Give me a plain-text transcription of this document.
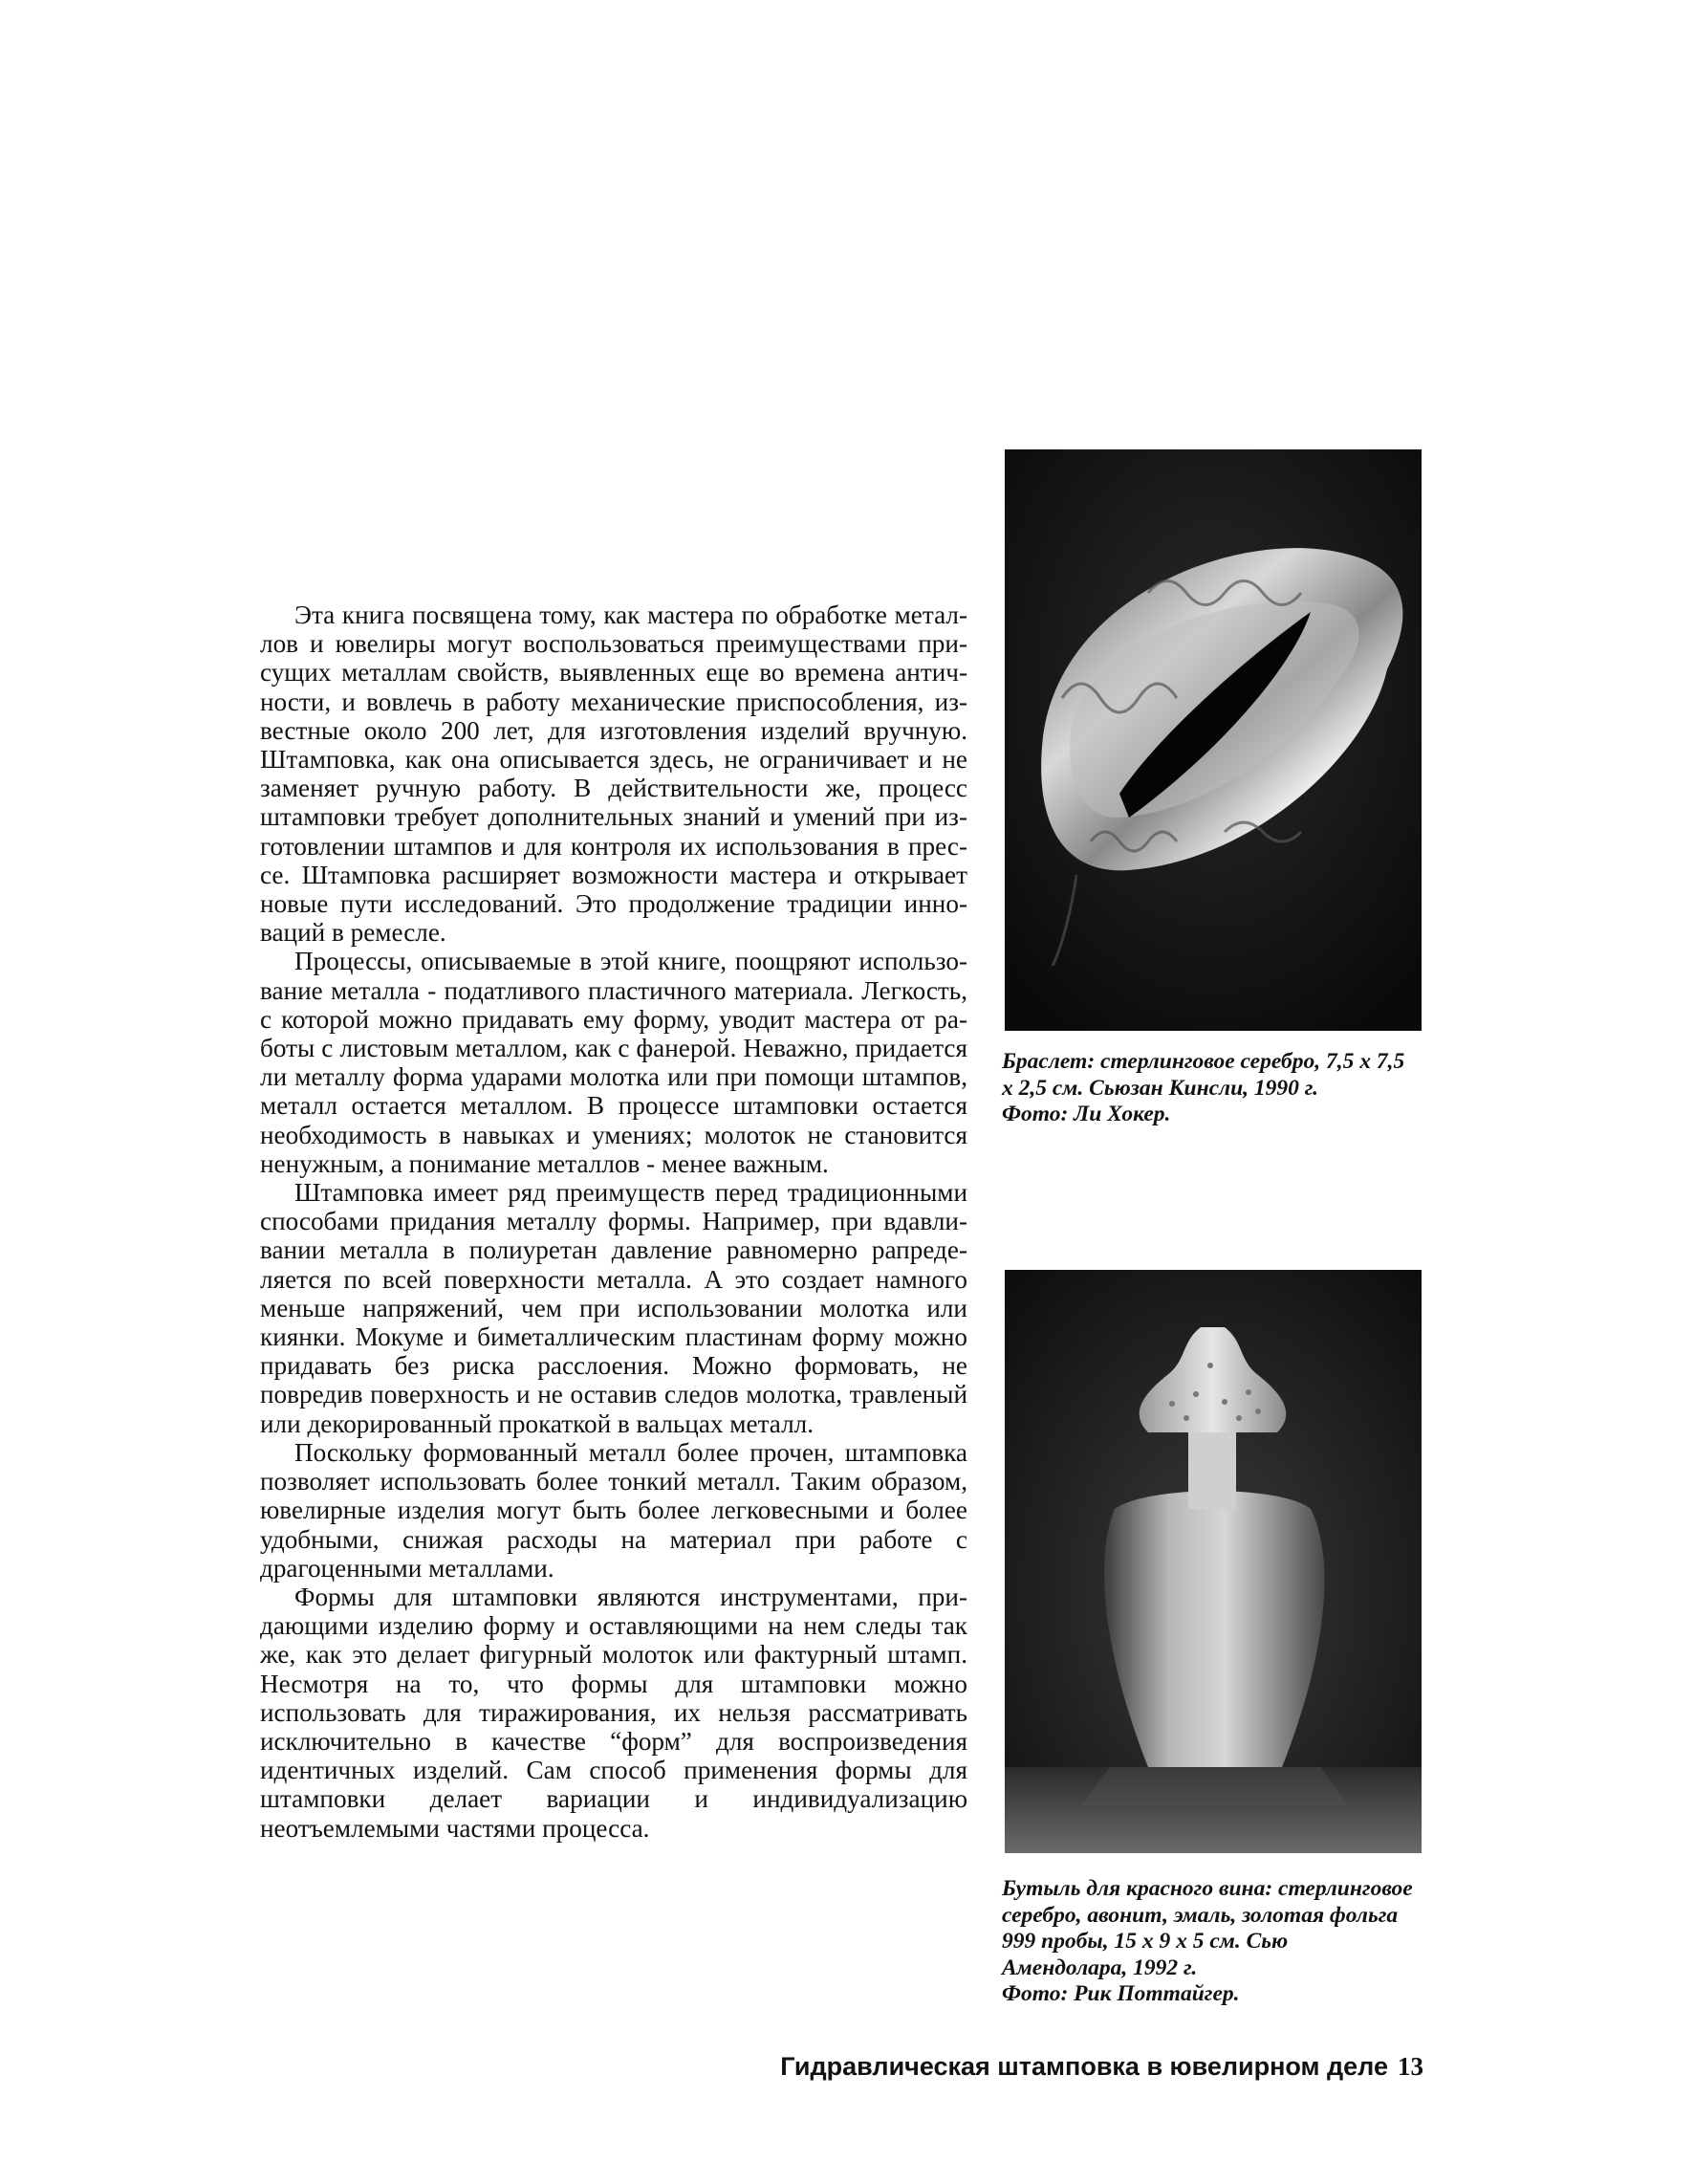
Эта книга посвящена тому, как мастера по обработке металлов и ювелиры могут воспользоваться преимуществами присущих металлам свойств, выявленных еще во времена античности, и вовлечь в работу механические приспособления, известные около 200 лет, для изготовления изделий вручную. Штамповка, как она описывается здесь, не ограничивает и не заменяет ручную работу. В действительности же, процесс штамповки требует дополнительных знаний и умений при изготовлении штампов и для контроля их использования в прессе. Штамповка расширяет возможности мастера и открывает новые пути исследований. Это продолжение традиции инноваций в ремесле.

Процессы, описываемые в этой книге, поощряют использование металла - податливого пластичного материала. Легкость, с которой можно придавать ему форму, уводит мастера от работы с листовым металлом, как с фанерой. Неважно, придается ли металлу форма ударами молотка или при помощи штампов, металл остается металлом. В процессе штамповки остается необходимость в навыках и умениях; молоток не становится ненужным, а понимание металлов - менее важным.

Штамповка имеет ряд преимуществ перед традиционными способами придания металлу формы. Например, при вдавливании металла в полиуретан давление равномерно рапределяется по всей поверхности металла. А это создает намного меньше напряжений, чем при использовании молотка или киянки. Мокуме и биметаллическим пластинам форму можно придавать без риска расслоения. Можно формовать, не повредив поверхность и не оставив следов молотка, травленый или декорированный прокаткой в вальцах металл.

Поскольку формованный металл более прочен, штамповка позволяет использовать более тонкий металл. Таким образом, ювелирные изделия могут быть более легковесными и более удобными, снижая расходы на материал при работе с драгоценными металлами.

Формы для штамповки являются инструментами, придающими изделию форму и оставляющими на нем следы так же, как это делает фигурный молоток или фактурный штамп. Несмотря на то, что формы для штамповки можно использовать для тиражирования, их нельзя рассматривать исключительно в качестве “форм” для воспроизведения идентичных изделий. Сам способ применения формы для штамповки делает вариации и индивидуализацию неотъемлемыми частями процесса.

Браслет: стерлинговое серебро, 7,5 х 7,5
х 2,5 см. Сьюзан Кинсли, 1990 г.
Фото: Ли Хокер.
Бутыль для красного вина: стерлинговое
серебро, авонит, эмаль, золотая фольга
999 пробы, 15 х 9 х 5 см. Сью
Амендолара, 1992 г.
Фото: Рик Поттайгер.
Гидравлическая штамповка в ювелирном деле 13
